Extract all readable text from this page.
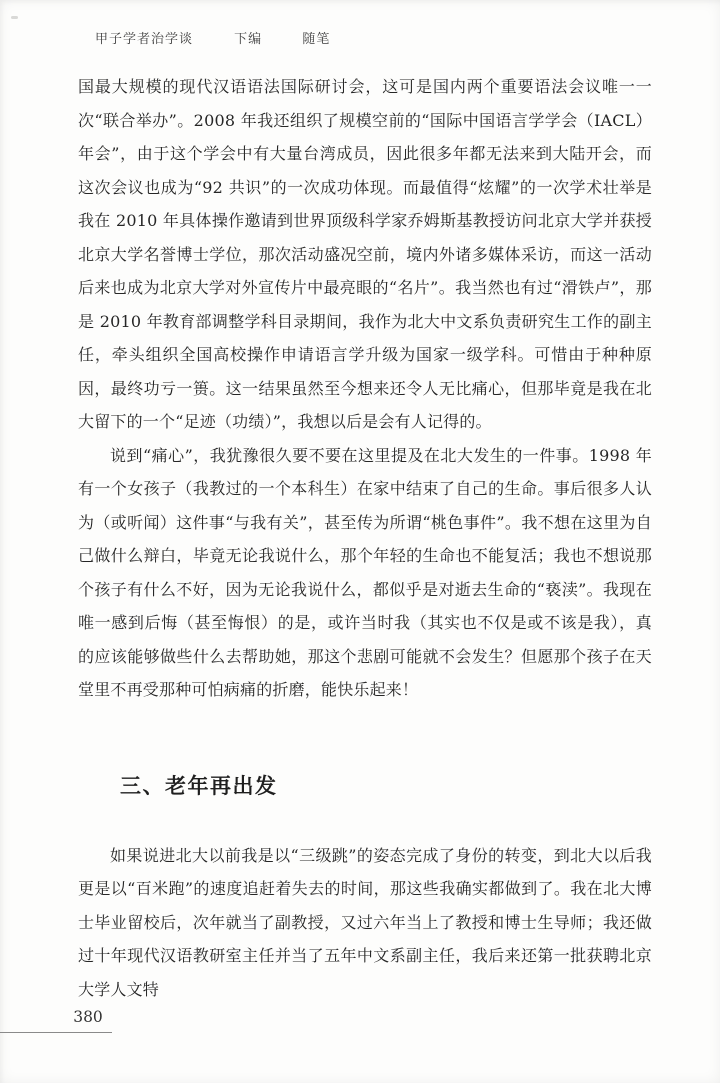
甲子学者治学谈	下编	随笔

国最大规模的现代汉语语法国际研讨会，这可是国内两个重要语法会议唯一一次“联合举办”。2008 年我还组织了规模空前的“国际中国语言学学会（IACL）年会”，由于这个学会中有大量台湾成员，因此很多年都无法来到大陆开会，而这次会议也成为“92 共识”的一次成功体现。而最值得“炫耀”的一次学术壮举是我在 2010 年具体操作邀请到世界顶级科学家乔姆斯基教授访问北京大学并获授北京大学名誉博士学位，那次活动盛况空前，境内外诸多媒体采访，而这一活动后来也成为北京大学对外宣传片中最亮眼的“名片”。我当然也有过“滑铁卢”，那是 2010 年教育部调整学科目录期间，我作为北大中文系负责研究生工作的副主任，牵头组织全国高校操作申请语言学升级为国家一级学科。可惜由于种种原因，最终功亏一篑。这一结果虽然至今想来还令人无比痛心，但那毕竟是我在北大留下的一个“足迹（功绩）”，我想以后是会有人记得的。

说到“痛心”，我犹豫很久要不要在这里提及在北大发生的一件事。1998 年有一个女孩子（我教过的一个本科生）在家中结束了自己的生命。事后很多人认为（或听闻）这件事“与我有关”，甚至传为所谓“桃色事件”。我不想在这里为自己做什么辩白，毕竟无论我说什么，那个年轻的生命也不能复活；我也不想说那个孩子有什么不好，因为无论我说什么，都似乎是对逝去生命的“亵渎”。我现在唯一感到后悔（甚至悔恨）的是，或许当时我（其实也不仅是或不该是我），真的应该能够做些什么去帮助她，那这个悲剧可能就不会发生？但愿那个孩子在天堂里不再受那种可怕病痛的折磨，能快乐起来！

三、老年再出发

如果说进北大以前我是以“三级跳”的姿态完成了身份的转变，到北大以后我更是以“百米跑”的速度追赶着失去的时间，那这些我确实都做到了。我在北大博士毕业留校后，次年就当了副教授，又过六年当上了教授和博士生导师；我还做过十年现代汉语教研室主任并当了五年中文系副主任，我后来还第一批获聘北京大学人文特

380
